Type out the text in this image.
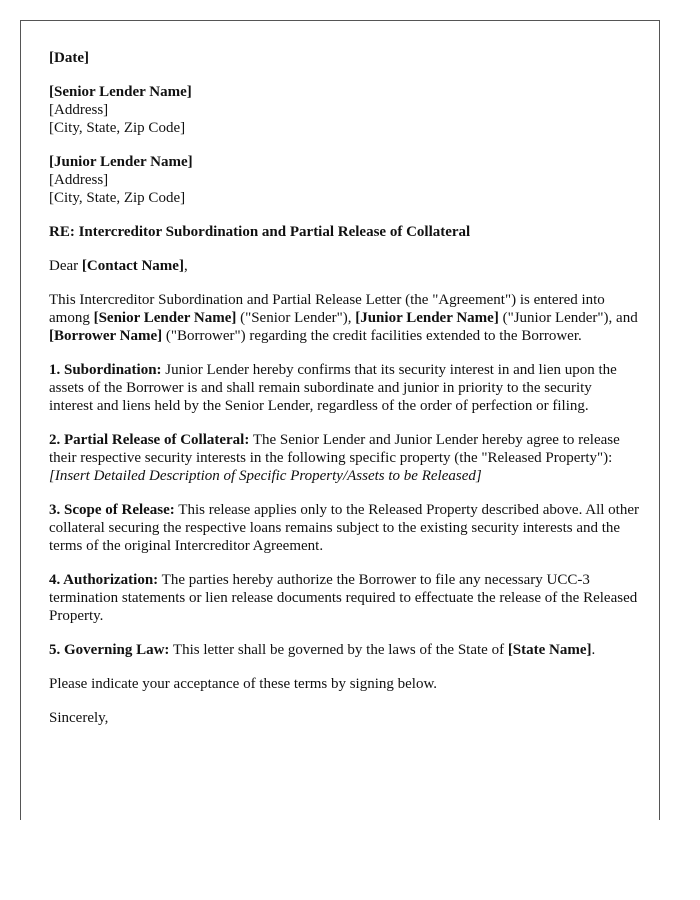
[Date]
[Senior Lender Name]
[Address]
[City, State, Zip Code]
[Junior Lender Name]
[Address]
[City, State, Zip Code]

RE: Intercreditor Subordination and Partial Release of Collateral

Dear [Contact Name],

This Intercreditor Subordination and Partial Release Letter (the "Agreement") is entered into among [Senior Lender Name] ("Senior Lender"), [Junior Lender Name] ("Junior Lender"), and [Borrower Name] ("Borrower") regarding the credit facilities extended to the Borrower.

1. Subordination: Junior Lender hereby confirms that its security interest in and lien upon the assets of the Borrower is and shall remain subordinate and junior in priority to the security interest and liens held by the Senior Lender, regardless of the order of perfection or filing.

2. Partial Release of Collateral: The Senior Lender and Junior Lender hereby agree to release their respective security interests in the following specific property (the "Released Property"):
[Insert Detailed Description of Specific Property/Assets to be Released]

3. Scope of Release: This release applies only to the Released Property described above. All other collateral securing the respective loans remains subject to the existing security interests and the terms of the original Intercreditor Agreement.

4. Authorization: The parties hereby authorize the Borrower to file any necessary UCC-3 termination statements or lien release documents required to effectuate the release of the Released Property.

5. Governing Law: This letter shall be governed by the laws of the State of [State Name].

Please indicate your acceptance of these terms by signing below.

Sincerely,
